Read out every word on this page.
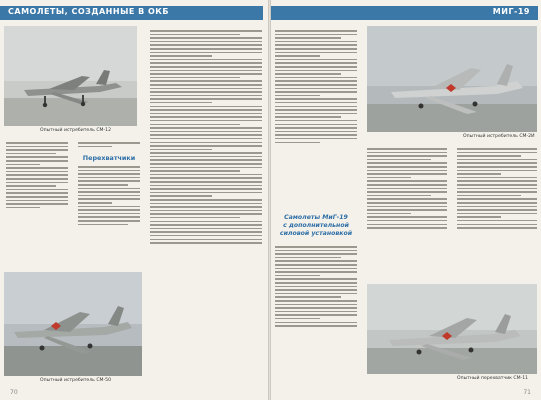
САМОЛЕТЫ, СОЗДАННЫЕ В ОКБ
Опытный истребитель СМ-12
Перехватчики
Опытный истребитель СМ-50
70
МИГ-19
Самолеты МиГ-19
с дополнительной
силовой установкой
Опытный истребитель СМ-2И
Опытный перехватчик СМ-11
71
